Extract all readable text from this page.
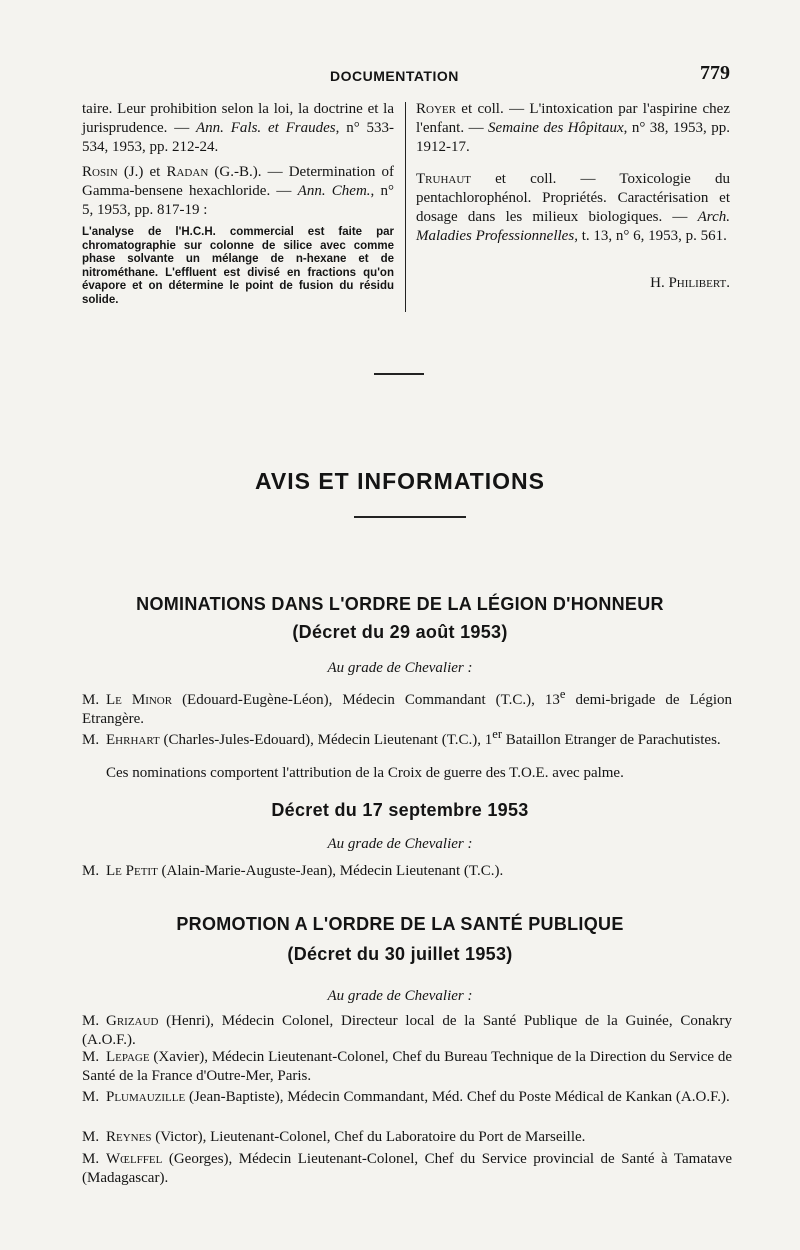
DOCUMENTATION	779

taire. Leur prohibition selon la loi, la doctrine et la jurisprudence. — Ann. Fals. et Fraudes, n° 533-534, 1953, pp. 212-24.

Rosin (J.) et Radan (G.-B.). — Determination of Gamma-bensene hexachloride. — Ann. Chem., n° 5, 1953, pp. 817-19 :

L'analyse de l'H.C.H. commercial est faite par chromatographie sur colonne de silice avec comme phase solvante un mélange de n-hexane et de nitrométhane. L'effluent est divisé en fractions qu'on évapore et on détermine le point de fusion du résidu solide.

Royer et coll. — L'intoxication par l'aspirine chez l'enfant. — Semaine des Hôpitaux, n° 38, 1953, pp. 1912-17.

Truhaut et coll. — Toxicologie du pentachlorophénol. Propriétés. Caractérisation et dosage dans les milieux biologiques. — Arch. Maladies Professionnelles, t. 13, n° 6, 1953, p. 561.

H. Philibert.
AVIS ET INFORMATIONS
NOMINATIONS DANS L'ORDRE DE LA LÉGION D'HONNEUR
(Décret du 29 août 1953)
Au grade de Chevalier :
M. Le Minor (Edouard-Eugène-Léon), Médecin Commandant (T.C.), 13e demi-brigade de Légion Etrangère.
M. Ehrhart (Charles-Jules-Edouard), Médecin Lieutenant (T.C.), 1er Bataillon Etranger de Parachutistes.
Ces nominations comportent l'attribution de la Croix de guerre des T.O.E. avec palme.
Décret du 17 septembre 1953
Au grade de Chevalier :
M. Le Petit (Alain-Marie-Auguste-Jean), Médecin Lieutenant (T.C.).
PROMOTION A L'ORDRE DE LA SANTÉ PUBLIQUE
(Décret du 30 juillet 1953)
Au grade de Chevalier :
M. Grizaud (Henri), Médecin Colonel, Directeur local de la Santé Publique de la Guinée, Conakry (A.O.F.).
M. Lepage (Xavier), Médecin Lieutenant-Colonel, Chef du Bureau Technique de la Direction du Service de Santé de la France d'Outre-Mer, Paris.
M. Plumauzille (Jean-Baptiste), Médecin Commandant, Méd. Chef du Poste Médical de Kankan (A.O.F.).
M. Reynes (Victor), Lieutenant-Colonel, Chef du Laboratoire du Port de Marseille.
M. Wœlffel (Georges), Médecin Lieutenant-Colonel, Chef du Service provincial de Santé à Tamatave (Madagascar).
